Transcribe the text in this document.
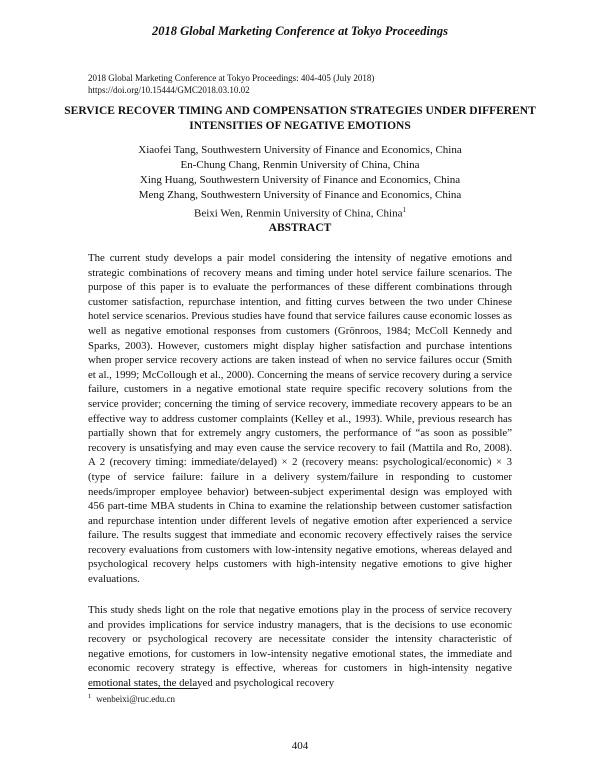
2018 Global Marketing Conference at Tokyo Proceedings
2018 Global Marketing Conference at Tokyo Proceedings: 404-405 (July 2018)
https://doi.org/10.15444/GMC2018.03.10.02
SERVICE RECOVER TIMING AND COMPENSATION STRATEGIES UNDER DIFFERENT INTENSITIES OF NEGATIVE EMOTIONS
Xiaofei Tang, Southwestern University of Finance and Economics, China
En-Chung Chang, Renmin University of China, China
Xing Huang, Southwestern University of Finance and Economics, China
Meng Zhang, Southwestern University of Finance and Economics, China
Beixi Wen, Renmin University of China, China$^1$
ABSTRACT
The current study develops a pair model considering the intensity of negative emotions and strategic combinations of recovery means and timing under hotel service failure scenarios. The purpose of this paper is to evaluate the performances of these different combinations through customer satisfaction, repurchase intention, and fitting curves between the two under Chinese hotel service scenarios. Previous studies have found that service failures cause economic losses as well as negative emotional responses from customers (Grönroos, 1984; McColl Kennedy and Sparks, 2003). However, customers might display higher satisfaction and purchase intentions when proper service recovery actions are taken instead of when no service failures occur (Smith et al., 1999; McCollough et al., 2000). Concerning the means of service recovery during a service failure, customers in a negative emotional state require specific recovery solutions from the service provider; concerning the timing of service recovery, immediate recovery appears to be an effective way to address customer complaints (Kelley et al., 1993). While, previous research has partially shown that for extremely angry customers, the performance of “as soon as possible” recovery is unsatisfying and may even cause the service recovery to fail (Mattila and Ro, 2008). A 2 (recovery timing: immediate/delayed) × 2 (recovery means: psychological/economic) × 3 (type of service failure: failure in a delivery system/failure in responding to customer needs/improper employee behavior) between-subject experimental design was employed with 456 part-time MBA students in China to examine the relationship between customer satisfaction and repurchase intention under different levels of negative emotion after experienced a service failure. The results suggest that immediate and economic recovery effectively raises the service recovery evaluations from customers with low-intensity negative emotions, whereas delayed and psychological recovery helps customers with high-intensity negative emotions to give higher evaluations.
This study sheds light on the role that negative emotions play in the process of service recovery and provides implications for service industry managers, that is the decisions to use economic recovery or psychological recovery are necessitate consider the intensity characteristic of negative emotions, for customers in low-intensity negative emotional states, the immediate and economic recovery strategy is effective, whereas for customers in high-intensity negative emotional states, the delayed and psychological recovery
$^1$ wenbeixi@ruc.edu.cn
404
